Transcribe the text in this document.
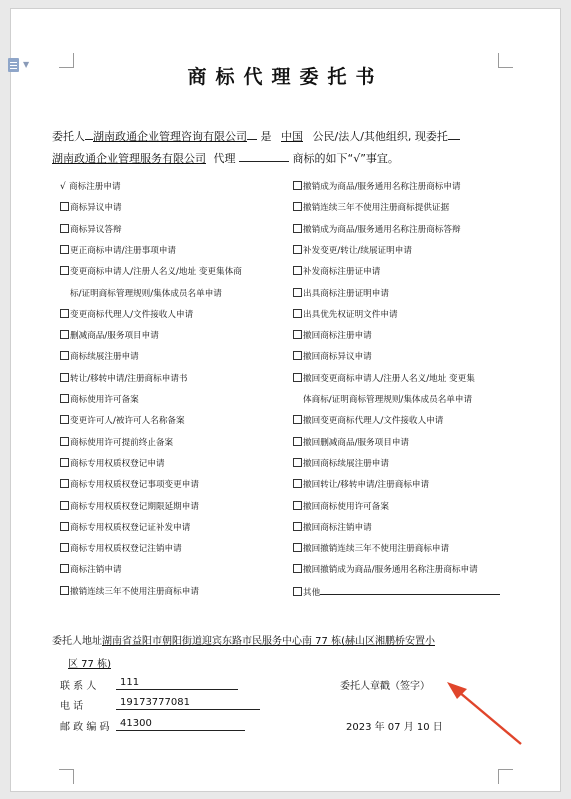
▼
商标代理委托书
委托人 湖南政通企业管理咨询有限公司 是 中国 公民/法人/其他组织, 现委托
湖南政通企业管理服务有限公司 代理	商标的如下“√”事宜。
√ 商标注册申请
商标异议申请
商标异议答辩
更正商标申请/注册事项申请
变更商标申请人/注册人名义/地址 变更集体商
标/证明商标管理规则/集体成员名单申请
变更商标代理人/文件接收人申请
删减商品/服务项目申请
商标续展注册申请
转让/移转申请/注册商标申请书
商标使用许可备案
变更许可人/被许可人名称备案
商标使用许可提前终止备案
商标专用权质权登记申请
商标专用权质权登记事项变更申请
商标专用权质权登记期限延期申请
商标专用权质权登记证补发申请
商标专用权质权登记注销申请
商标注销申请
撤销连续三年不使用注册商标申请
撤销成为商品/服务通用名称注册商标申请
撤销连续三年不使用注册商标提供证据
撤销成为商品/服务通用名称注册商标答辩
补发变更/转让/续展证明申请
补发商标注册证申请
出具商标注册证明申请
出具优先权证明文件申请
撤回商标注册申请
撤回商标异议申请
撤回变更商标申请人/注册人名义/地址 变更集
体商标/证明商标管理规则/集体成员名单申请
撤回变更商标代理人/文件接收人申请
撤回删减商品/服务项目申请
撤回商标续展注册申请
撤回转让/移转申请/注册商标申请
撤回商标使用许可备案
撤回商标注销申请
撤回撤销连续三年不使用注册商标申请
撤回撤销成为商品/服务通用名称注册商标申请
其他
委托人地址湖南省益阳市朝阳街道迎宾东路市民服务中心南 77 栋(赫山区湘鹏桥安置小
区 77 栋)
联 系 人	111	委托人章戳（签字）
电 话	19173777081
邮 政 编 码	41300	2023 年 07 月 10 日
